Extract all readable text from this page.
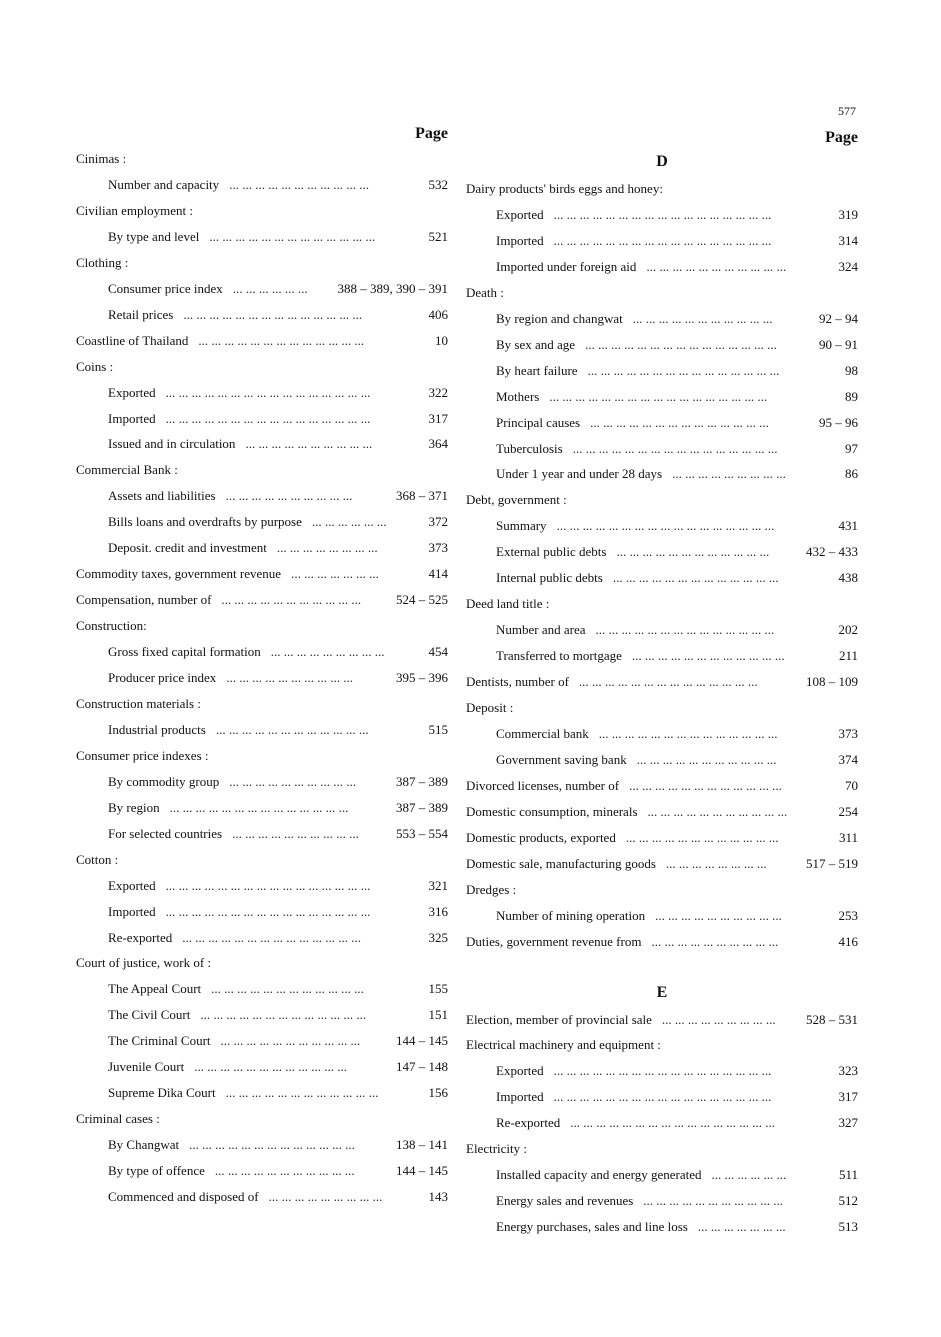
577
Page
Cinimas :
Number and capacity	532
... ... ... ... ... ... ... ... ... ... ...
Civilian employment :
By type and level	521
... ... ... ... ... ... ... ... ... ... ... ... ...
Clothing :
Consumer price index	388 – 389, 390 – 391
... ... ... ... ... ...
Retail prices	406
... ... ... ... ... ... ... ... ... ... ... ... ... ...
Coastline of Thailand	10
... ... ... ... ... ... ... ... ... ... ... ... ...
Coins :
Exported	322
... ... ... ... ... ... ... ... ... ... ... ... ... ... ... ...
Imported	317
... ... ... ... ... ... ... ... ... ... ... ... ... ... ... ...
Issued and in circulation	364
... ... ... ... ... ... ... ... ... ...
Commercial Bank :
Assets and liabilities	368 – 371
... ... ... ... ... ... ... ... ... ...
Bills loans and overdrafts by purpose	372
... ... ... ... ... ...
Deposit. credit and investment	373
... ... ... ... ... ... ... ...
Commodity taxes, government revenue	414
... ... ... ... ... ... ...
Compensation, number of	524 – 525
... ... ... ... ... ... ... ... ... ... ...
Construction:
Gross fixed capital formation	454
... ... ... ... ... ... ... ... ...
Producer price index	395 – 396
... ... ... ... ... ... ... ... ... ...
Construction materials :
Industrial products	515
... ... ... ... ... ... ... ... ... ... ... ...
Consumer price indexes :
By commodity group	387 – 389
... ... ... ... ... ... ... ... ... ...
By region	387 – 389
... ... ... ... ... ... ... ... ... ... ... ... ... ...
For selected countries	553 – 554
... ... ... ... ... ... ... ... ... ...
Cotton :
Exported	321
... ... ... ... ... ... ... ... ... ... ... ... ... ... ... ...
Imported	316
... ... ... ... ... ... ... ... ... ... ... ... ... ... ... ...
Re-exported	325
... ... ... ... ... ... ... ... ... ... ... ... ... ...
Court of justice, work of :
The Appeal Court	155
... ... ... ... ... ... ... ... ... ... ... ...
The Civil Court	151
... ... ... ... ... ... ... ... ... ... ... ... ...
The Criminal Court	144 – 145
... ... ... ... ... ... ... ... ... ... ...
Juvenile Court	147 – 148
... ... ... ... ... ... ... ... ... ... ... ...
Supreme Dika Court	156
... ... ... ... ... ... ... ... ... ... ... ...
Criminal cases :
By Changwat	138 – 141
... ... ... ... ... ... ... ... ... ... ... ... ...
By type of offence	144 – 145
... ... ... ... ... ... ... ... ... ... ...
Commenced and disposed of	143
... ... ... ... ... ... ... ... ...
Page
D
Dairy products' birds eggs and honey:
Exported	319
... ... ... ... ... ... ... ... ... ... ... ... ... ... ... ... ...
Imported	314
... ... ... ... ... ... ... ... ... ... ... ... ... ... ... ... ...
Imported under foreign aid	324
... ... ... ... ... ... ... ... ... ... ...
Death :
By region and changwat	92 – 94
... ... ... ... ... ... ... ... ... ... ...
By sex and age	90 – 91
... ... ... ... ... ... ... ... ... ... ... ... ... ... ...
By heart failure	98
... ... ... ... ... ... ... ... ... ... ... ... ... ... ...
Mothers	89
... ... ... ... ... ... ... ... ... ... ... ... ... ... ... ... ...
Principal causes	95 – 96
... ... ... ... ... ... ... ... ... ... ... ... ... ...
Tuberculosis	97
... ... ... ... ... ... ... ... ... ... ... ... ... ... ... ...
Under 1 year and under 28 days	86
... ... ... ... ... ... ... ... ...
Debt, government :
Summary	431
... ... ... ... ... ... ... ... ... ... ... ... ... ... ... ... ...
External public debts	432 – 433
... ... ... ... ... ... ... ... ... ... ... ...
Internal public debts	438
... ... ... ... ... ... ... ... ... ... ... ... ...
Deed land title :
Number and area	202
... ... ... ... ... ... ... ... ... ... ... ... ... ...
Transferred to mortgage	211
... ... ... ... ... ... ... ... ... ... ... ...
Dentists, number of	108 – 109
... ... ... ... ... ... ... ... ... ... ... ... ... ...
Deposit :
Commercial bank	373
... ... ... ... ... ... ... ... ... ... ... ... ... ...
Government saving bank	374
... ... ... ... ... ... ... ... ... ... ...
Divorced licenses, number of	70
... ... ... ... ... ... ... ... ... ... ... ...
Domestic consumption, minerals	254
... ... ... ... ... ... ... ... ... ... ...
Domestic products, exported	311
... ... ... ... ... ... ... ... ... ... ... ...
Domestic sale, manufacturing goods	517 – 519
... ... ... ... ... ... ... ...
Dredges :
Number of mining operation	253
... ... ... ... ... ... ... ... ... ...
Duties, government revenue from	416
... ... ... ... ... ... ... ... ... ...
E
Election, member of provincial sale	528 – 531
... ... ... ... ... ... ... ... ...
Electrical machinery and equipment :
Exported	323
... ... ... ... ... ... ... ... ... ... ... ... ... ... ... ... ...
Imported	317
... ... ... ... ... ... ... ... ... ... ... ... ... ... ... ... ...
Re-exported	327
... ... ... ... ... ... ... ... ... ... ... ... ... ... ... ...
Electricity :
Installed capacity and energy generated	511
... ... ... ... ... ...
Energy sales and revenues	512
... ... ... ... ... ... ... ... ... ... ...
Energy purchases, sales and line loss	513
... ... ... ... ... ... ...
